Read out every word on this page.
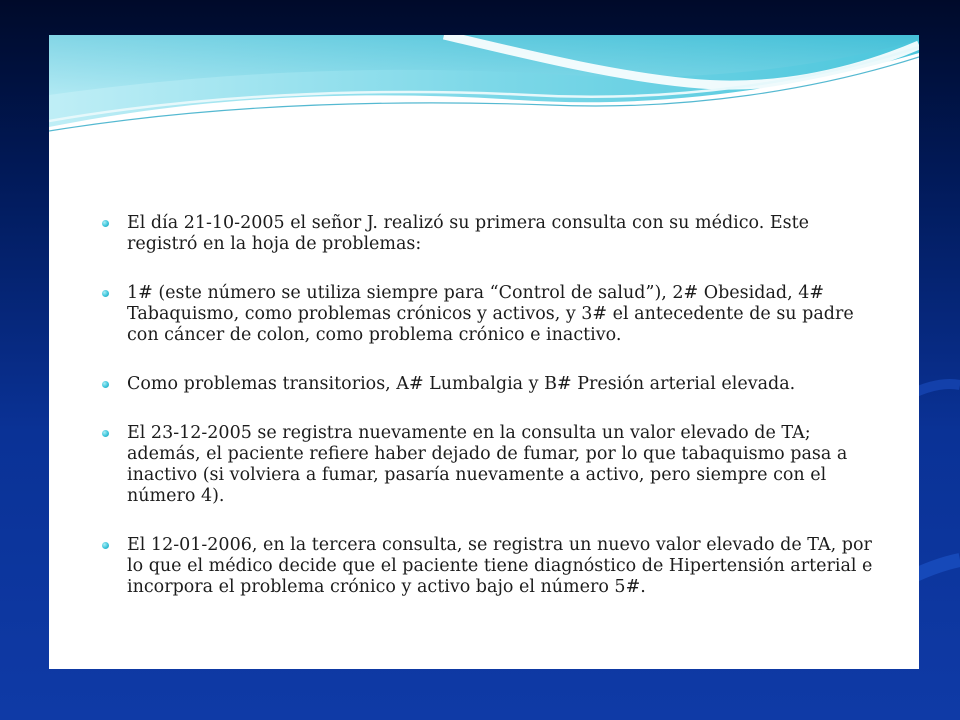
El día 21-10-2005 el señor J. realizó su primera consulta con su médico. Este registró en la hoja de problemas:
1# (este número se utiliza siempre para “Control de salud”), 2# Obesidad, 4# Tabaquismo, como problemas crónicos y activos, y 3# el antecedente de su padre con cáncer de colon, como problema crónico e inactivo.
Como problemas transitorios, A# Lumbalgia y B# Presión arterial elevada.
El 23-12-2005 se registra nuevamente en la consulta un valor elevado de TA; además, el paciente refiere haber dejado de fumar, por lo que tabaquismo pasa a inactivo (si volviera a fumar, pasaría nuevamente a activo, pero siempre con el número 4).
El 12-01-2006, en la tercera consulta, se registra un nuevo valor elevado de TA, por lo que el médico decide que el paciente tiene diagnóstico de Hipertensión arterial e incorpora el problema crónico y activo bajo el número 5#.
